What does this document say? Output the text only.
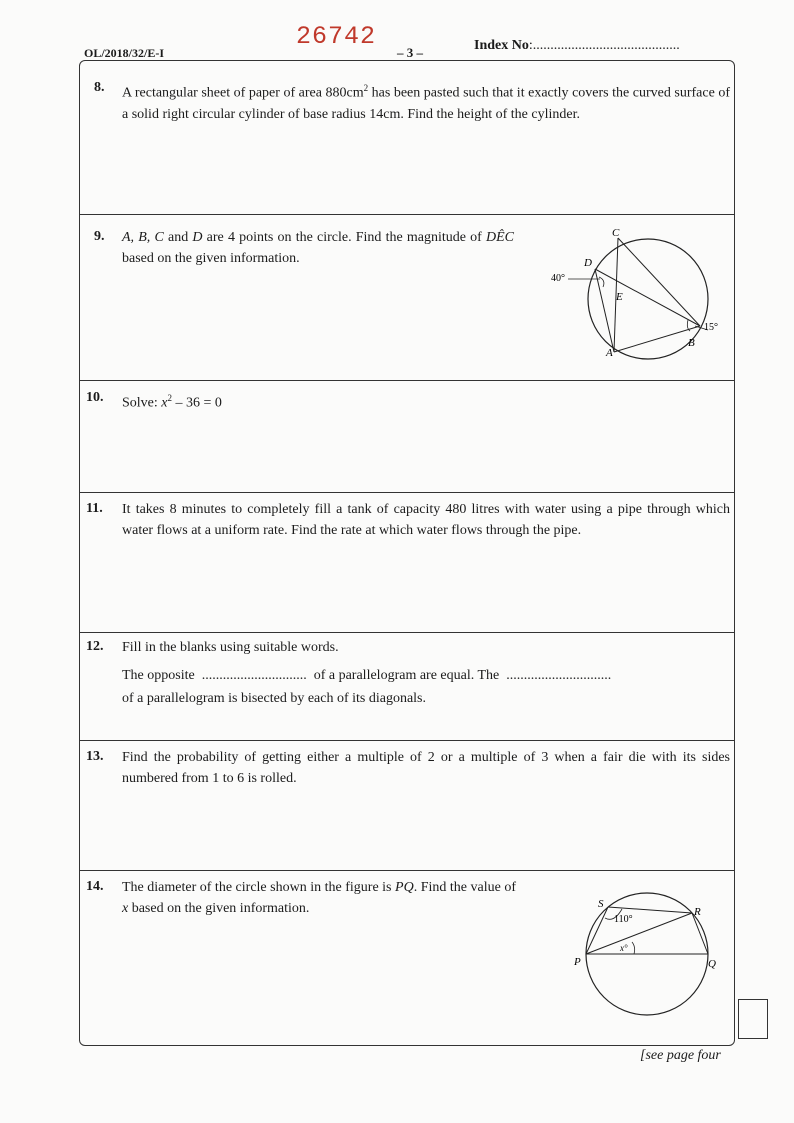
OL/2018/32/E-I
26742
– 3 –	Index No:..........................................
8. A rectangular sheet of paper of area $880cm^2$ has been pasted such that it exactly covers the curved surface of a solid right circular cylinder of base radius 14cm. Find the height of the cylinder.
9. A, B, C and D are 4 points on the circle. Find the magnitude of DÊC based on the given information.
C
D
40°
E
15°
B
A
10. Solve: $x^2 - 36 = 0$
11. It takes 8 minutes to completely fill a tank of capacity 480 litres with water using a pipe through which water flows at a uniform rate. Find the rate at which water flows through the pipe.
12. Fill in the blanks using suitable words.
The opposite .............................. of a parallelogram are equal. The ..............................
of a parallelogram is bisected by each of its diagonals.
13. Find the probability of getting either a multiple of 2 or a multiple of 3 when a fair die with its sides numbered from 1 to 6 is rolled.
14. The diameter of the circle shown in the figure is PQ. Find the value of x based on the given information.	S
110°
R
x°
P	Q
[see page four
